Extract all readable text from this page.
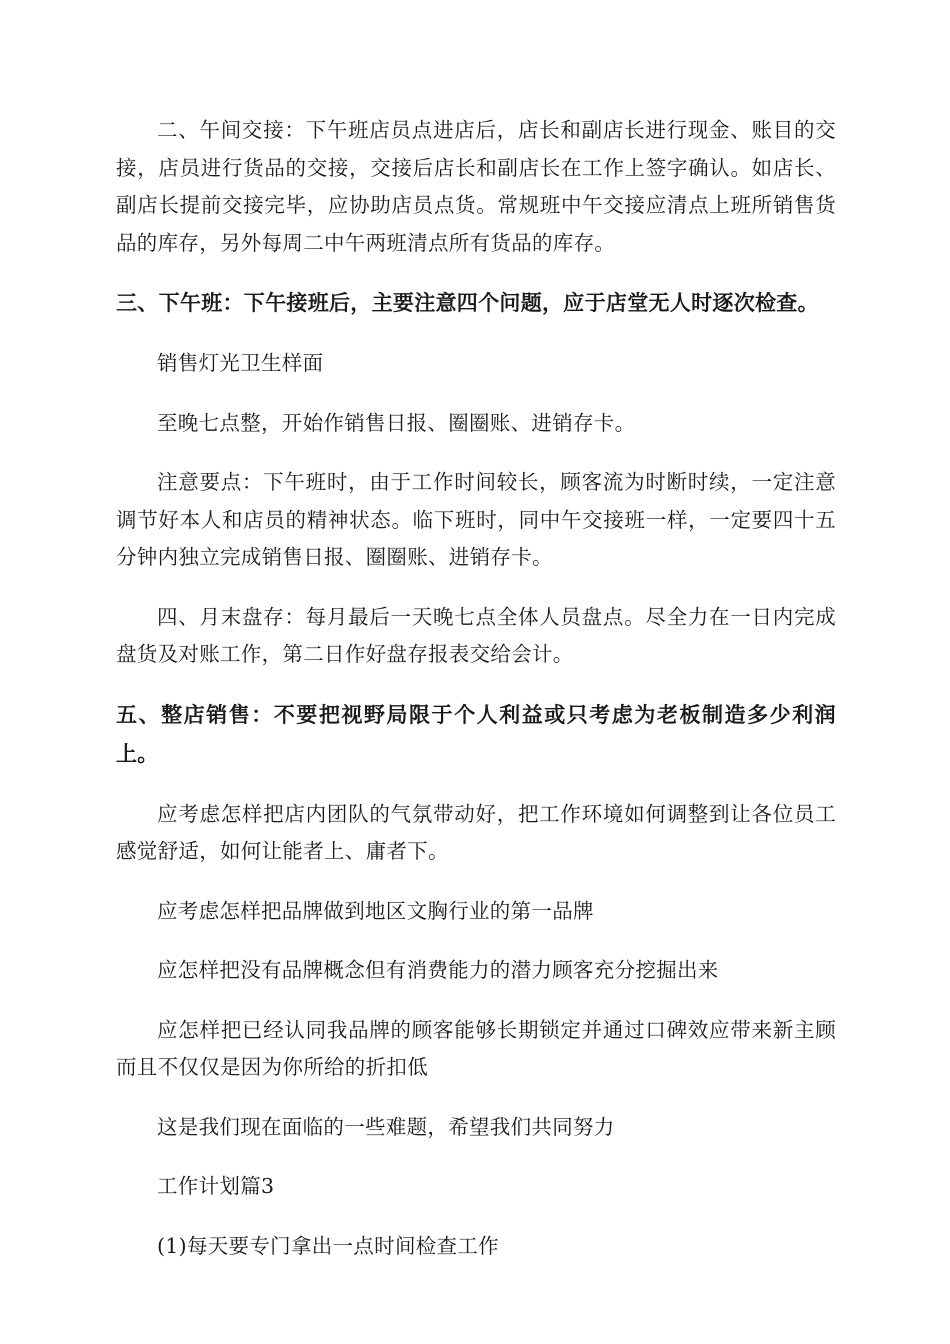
二、午间交接：下午班店员点进店后，店长和副店长进行现金、账目的交接，店员进行货品的交接，交接后店长和副店长在工作上签字确认。如店长、副店长提前交接完毕，应协助店员点货。常规班中午交接应清点上班所销售货品的库存，另外每周二中午两班清点所有货品的库存。

三、下午班：下午接班后，主要注意四个问题，应于店堂无人时逐次检查。

销售灯光卫生样面

至晚七点整，开始作销售日报、圈圈账、进销存卡。

注意要点：下午班时，由于工作时间较长，顾客流为时断时续，一定注意调节好本人和店员的精神状态。临下班时，同中午交接班一样，一定要四十五分钟内独立完成销售日报、圈圈账、进销存卡。

四、月末盘存：每月最后一天晚七点全体人员盘点。尽全力在一日内完成盘货及对账工作，第二日作好盘存报表交给会计。

五、整店销售：不要把视野局限于个人利益或只考虑为老板制造多少利润上。

应考虑怎样把店内团队的气氛带动好，把工作环境如何调整到让各位员工感觉舒适，如何让能者上、庸者下。

应考虑怎样把品牌做到地区文胸行业的第一品牌

应怎样把没有品牌概念但有消费能力的潜力顾客充分挖掘出来

应怎样把已经认同我品牌的顾客能够长期锁定并通过口碑效应带来新主顾而且不仅仅是因为你所给的折扣低

这是我们现在面临的一些难题，希望我们共同努力

工作计划篇3

(1)每天要专门拿出一点时间检查工作
